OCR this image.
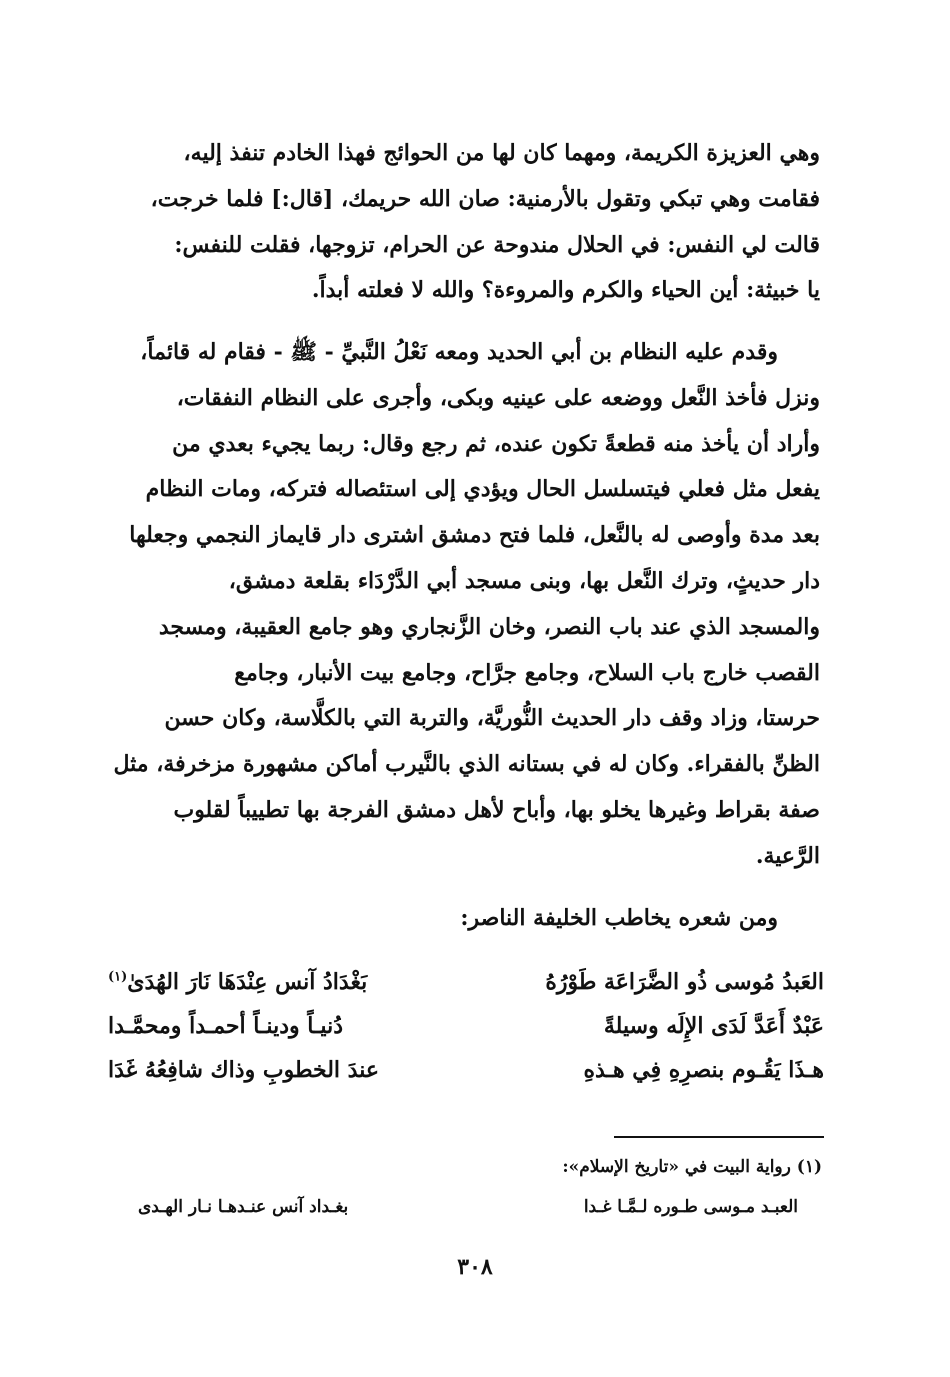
وهي العزيزة الكريمة، ومهما كان لها من الحوائج فهذا الخادم تنفذ إليه،
فقامت وهي تبكي وتقول بالأرمنية: صان الله حريمك، [قال:] فلما خرجت،
قالت لي النفس: في الحلال مندوحة عن الحرام، تزوجها، فقلت للنفس:
يا خبيثة: أين الحياء والكرم والمروءة؟ والله لا فعلته أبداً.
وقدم عليه النظام بن أبي الحديد ومعه نَعْلُ النَّبيِّ - ﷺ - فقام له قائماً،
ونزل فأخذ النَّعل ووضعه على عينيه وبكى، وأجرى على النظام النفقات،
وأراد أن يأخذ منه قطعةً تكون عنده، ثم رجع وقال: ربما يجيء بعدي من
يفعل مثل فعلي فيتسلسل الحال ويؤدي إلى استئصاله فتركه، ومات النظام
بعد مدة وأوصى له بالنَّعل، فلما فتح دمشق اشترى دار قايماز النجمي وجعلها
دار حديثٍ، وترك النَّعل بها، وبنى مسجد أبي الدَّرْدَاء بقلعة دمشق،
والمسجد الذي عند باب النصر، وخان الزَّنجاري وهو جامع العقيبة، ومسجد
القصب خارج باب السلاح، وجامع جرَّاح، وجامع بيت الأنبار، وجامع
حرستا، وزاد وقف دار الحديث النُّوريَّة، والتربة التي بالكلَّاسة، وكان حسن
الظنِّ بالفقراء. وكان له في بستانه الذي بالنَّيرب أماكن مشهورة مزخرفة، مثل
صفة بقراط وغيرها يخلو بها، وأباح لأهل دمشق الفرجة بها تطييباً لقلوب
الرَّعية.
ومن شعره يخاطب الخليفة الناصر:
العَبدُ مُوسى ذُو الضَّرَاعَة طَوْرُهُ
بَغْدَادُ آنس عِنْدَهَا نَارَ الهُدَىٰ$^{(١)}$
عَبْدٌ أَعَدَّ لَدَى الإِلَه وسيلةً
دُنيـاً ودينـاً أحمـداً ومحمَّـدا
هـذَا يَقُـوم بنصرِهِ فِي هـذهِ
عندَ الخطوبِ وذاك شافِعُهُ غَدَا
(١) رواية البيت في «تاريخ الإسلام»:
العبـد مـوسى طـوره لـمَّـا غـدا
بغـداد آنس عنـدهـا نـار الهـدى
٣٠٨
